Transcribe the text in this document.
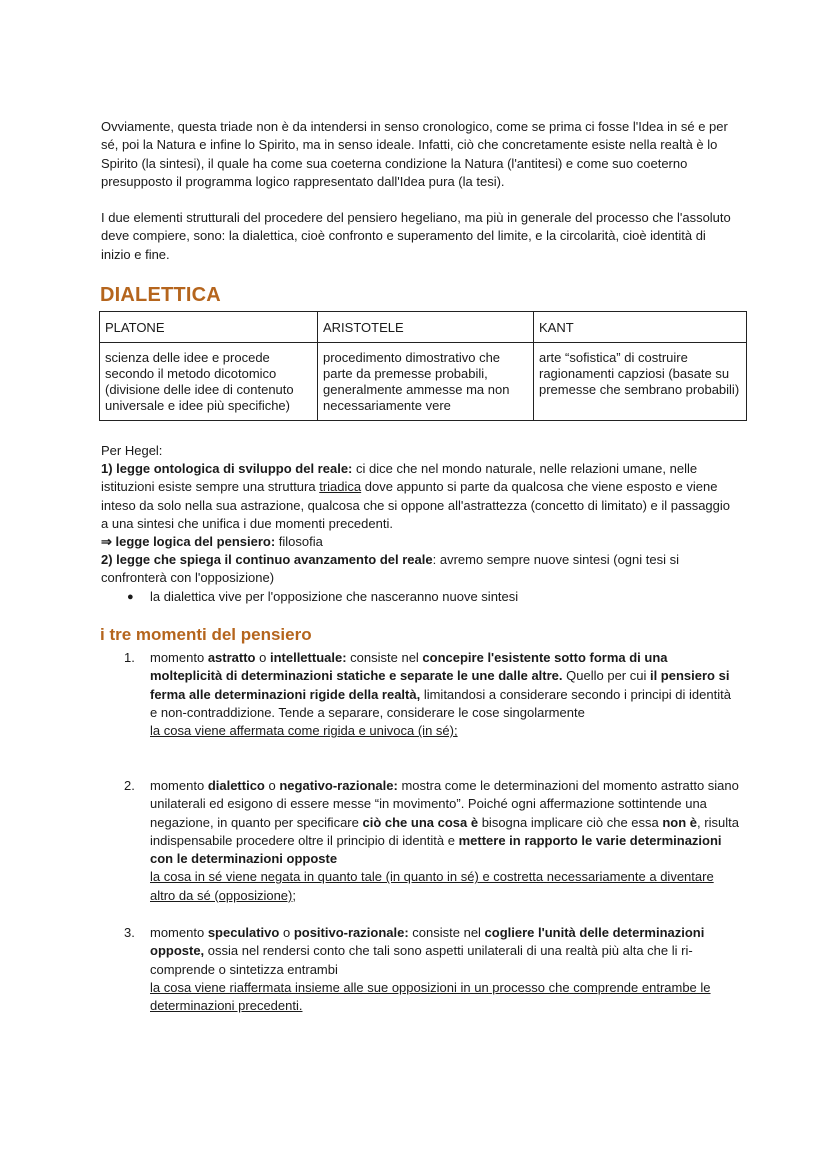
Ovviamente, questa triade non è da intendersi in senso cronologico, come se prima ci fosse l'Idea in sé e per sé, poi la Natura e infine lo Spirito, ma in senso ideale. Infatti, ciò che concretamente esiste nella realtà è lo Spirito (la sintesi), il quale ha come sua coeterna condizione la Natura (l'antitesi) e come suo coeterno presupposto il programma logico rappresentato dall'Idea pura (la tesi).

I due elementi strutturali del procedere del pensiero hegeliano, ma più in generale del processo che l'assoluto deve compiere, sono: la dialettica, cioè confronto e superamento del limite, e la circolarità, cioè identità di inizio e fine.

DIALETTICA
PLATONE	ARISTOTELE	KANT
scienza delle idee e procede secondo il metodo dicotomico (divisione delle idee di contenuto universale e idee più specifiche)	procedimento dimostrativo che parte da premesse probabili, generalmente ammesse ma non necessariamente vere	arte “sofistica” di costruire ragionamenti capziosi (basate su premesse che sembrano probabili)

Per Hegel:

1) legge ontologica di sviluppo del reale: ci dice che nel mondo naturale, nelle relazioni umane, nelle istituzioni esiste sempre una struttura triadica dove appunto si parte da qualcosa che viene esposto e viene inteso da solo nella sua astrazione, qualcosa che si oppone all'astrattezza (concetto di limitato) e il passaggio a una sintesi che unifica i due momenti precedenti.

⇒ legge logica del pensiero: filosofia

2) legge che spiega il continuo avanzamento del reale: avremo sempre nuove sintesi (ogni tesi si confronterà con l'opposizione)

● la dialettica vive per l'opposizione che nasceranno nuove sintesi

i tre momenti del pensiero
1. momento astratto o intellettuale: consiste nel concepire l'esistente sotto forma di una molteplicità di determinazioni statiche e separate le une dalle altre. Quello per cui il pensiero si ferma alle determinazioni rigide della realtà, limitandosi a considerare secondo i principi di identità e non-contraddizione. Tende a separare, considerare le cose singolarmente
la cosa viene affermata come rigida e univoca (in sé);

2. momento dialettico o negativo-razionale: mostra come le determinazioni del momento astratto siano unilaterali ed esigono di essere messe “in movimento”. Poiché ogni affermazione sottintende una negazione, in quanto per specificare ciò che una cosa è bisogna implicare ciò che essa non è, risulta indispensabile procedere oltre il principio di identità e mettere in rapporto le varie determinazioni con le determinazioni opposte
la cosa in sé viene negata in quanto tale (in quanto in sé) e costretta necessariamente a diventare altro da sé (opposizione);

3. momento speculativo o positivo-razionale: consiste nel cogliere l'unità delle determinazioni opposte, ossia nel rendersi conto che tali sono aspetti unilaterali di una realtà più alta che li ri-comprende o sintetizza entrambi
la cosa viene riaffermata insieme alle sue opposizioni in un processo che comprende entrambe le determinazioni precedenti.
